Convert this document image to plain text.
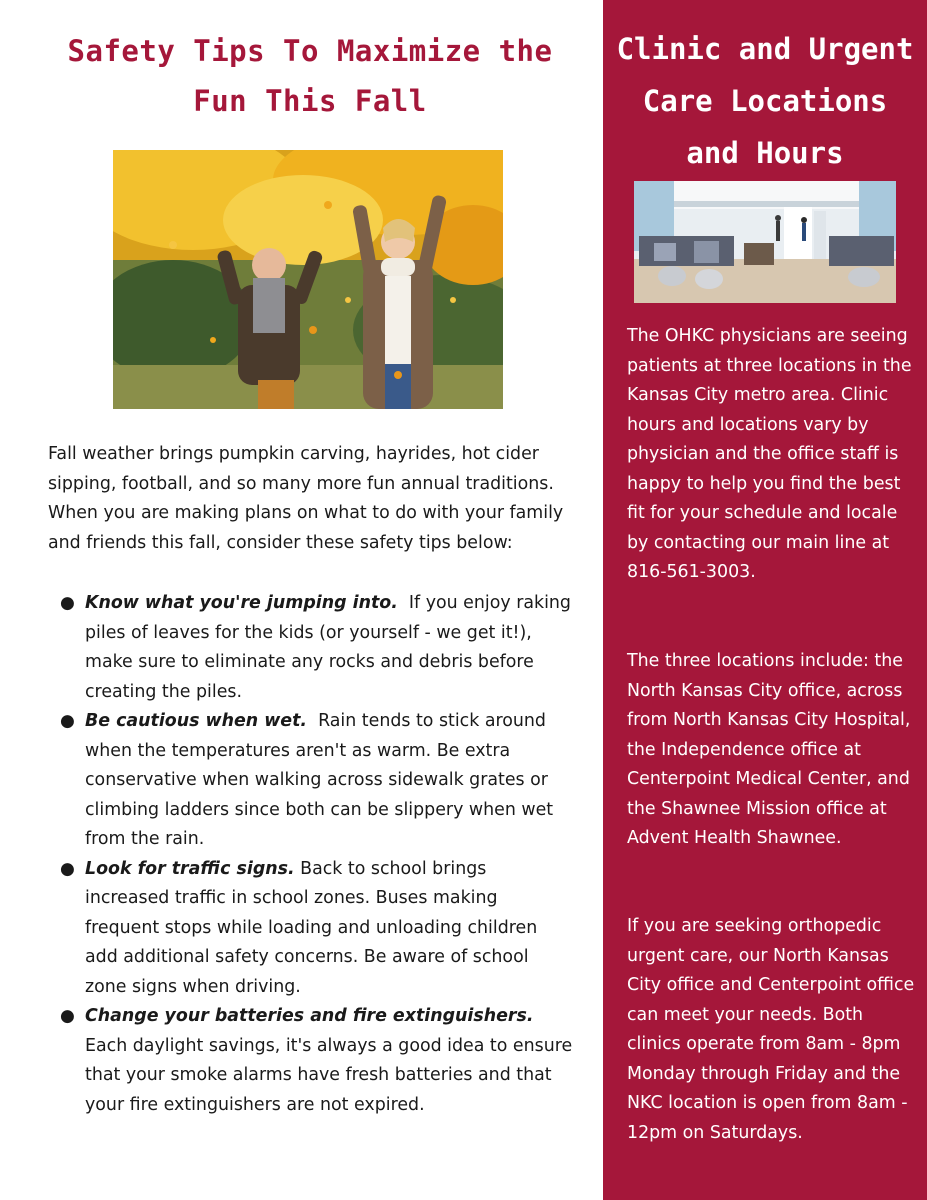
Safety Tips To Maximize the Fun This Fall

Fall weather brings pumpkin carving, hayrides, hot cider sipping, football, and so many more fun annual traditions. When you are making plans on what to do with your family and friends this fall, consider these safety tips below:

● Know what you're jumping into. If you enjoy raking piles of leaves for the kids (or yourself - we get it!), make sure to eliminate any rocks and debris before creating the piles.
● Be cautious when wet. Rain tends to stick around when the temperatures aren't as warm. Be extra conservative when walking across sidewalk grates or climbing ladders since both can be slippery when wet from the rain.
● Look for traffic signs. Back to school brings increased traffic in school zones. Buses making frequent stops while loading and unloading children add additional safety concerns. Be aware of school zone signs when driving.
● Change your batteries and fire extinguishers.  Each daylight savings, it's always a good idea to ensure that your smoke alarms have fresh batteries and that your fire extinguishers are not expired.
Clinic and Urgent Care Locations and Hours

The OHKC physicians are seeing patients at three locations in the Kansas City metro area. Clinic hours and locations vary by physician and the office staff is happy to help you find the best fit for your schedule and locale by contacting our main line at 816-561-3003.

The three locations include: the North Kansas City office, across from North Kansas City Hospital, the Independence office at Centerpoint Medical Center, and the Shawnee Mission office at Advent Health Shawnee.

If you are seeking orthopedic urgent care, our North Kansas City office and Centerpoint office can meet your needs. Both clinics operate from 8am - 8pm Monday through Friday and the NKC location is open from 8am - 12pm on Saturdays.
